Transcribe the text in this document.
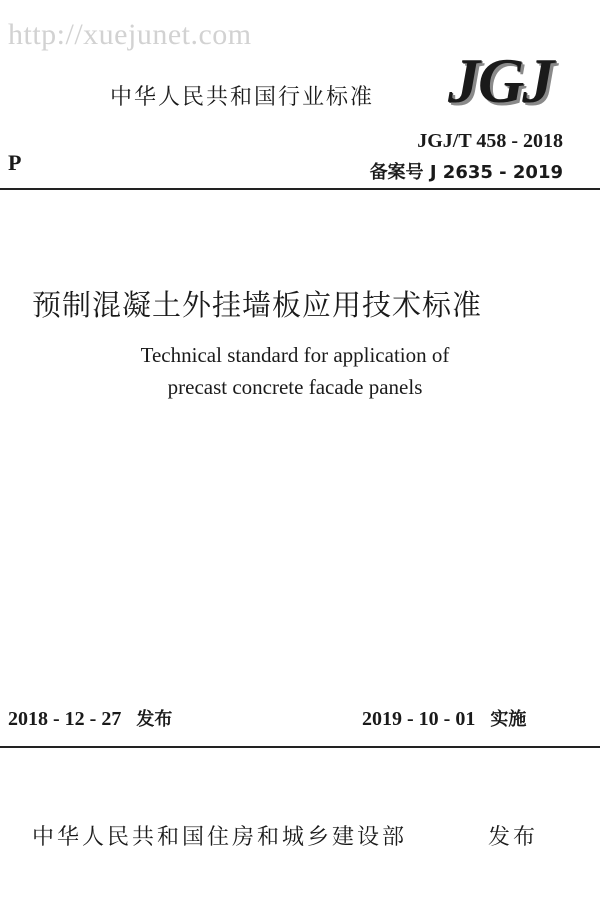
http://xuejunet.com
中华人民共和国行业标准 JGJ
JGJ/T 458 - 2018
备案号 J 2635 - 2019
P
预制混凝土外挂墙板应用技术标准
Technical standard for application of
precast concrete facade panels
2018 - 12 - 27 发布	2019 - 10 - 01 实施
中华人民共和国住房和城乡建设部	发布
